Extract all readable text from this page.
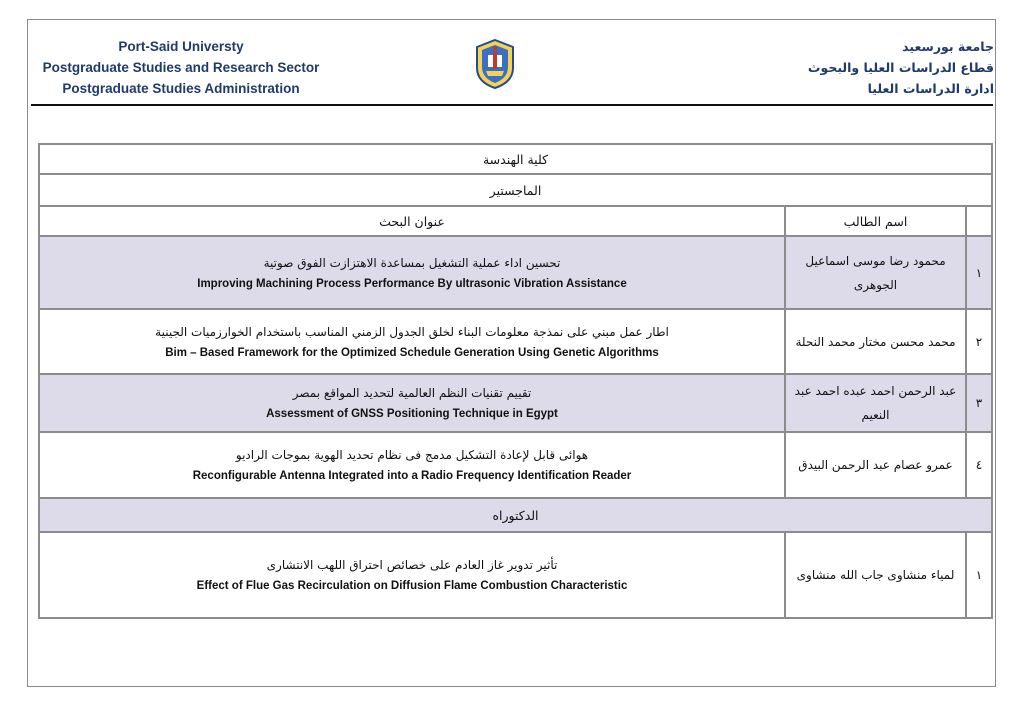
Port-Said Universty
Postgraduate Studies and Research Sector
Postgraduate Studies Administration
جامعة بورسعيد
قطاع الدراسات العليا والبحوث
ادارة الدراسات العليا
كلية الهندسة		
الماجستير		
عنوان البحث	اسم الطالب	

تحسين اداء عملية التشغيل بمساعدة الاهتزازت الفوق صوتية
Improving Machining Process Performance By ultrasonic Vibration Assistance	محمود رضا موسى اسماعيل الجوهرى	١

اطار عمل مبني على نمذجة معلومات البناء لخلق الجدول الزمني المناسب باستخدام الخوارزميات الجينية
Bim – Based Framework for the Optimized Schedule Generation Using Genetic Algorithms	محمد محسن مختار محمد النحلة	٢

تقييم تقنيات النظم العالمية لتحديد المواقع بمصر
Assessment of GNSS Positioning Technique in Egypt	عبد الرحمن احمد عبده احمد عبد النعيم	٣

هوائى قابل لإعادة التشكيل مدمج فى نظام تحديد الهوية بموجات الراديو
Reconfigurable Antenna Integrated into a Radio Frequency Identification Reader	عمرو عصام عبد الرحمن البيدق	٤
الدكتوراه		

تأثير تدوير غاز العادم على خصائص احتراق اللهب الانتشارى
Effect of Flue Gas Recirculation on Diffusion Flame Combustion Characteristic	لمياء منشاوى جاب الله منشاوى	١
